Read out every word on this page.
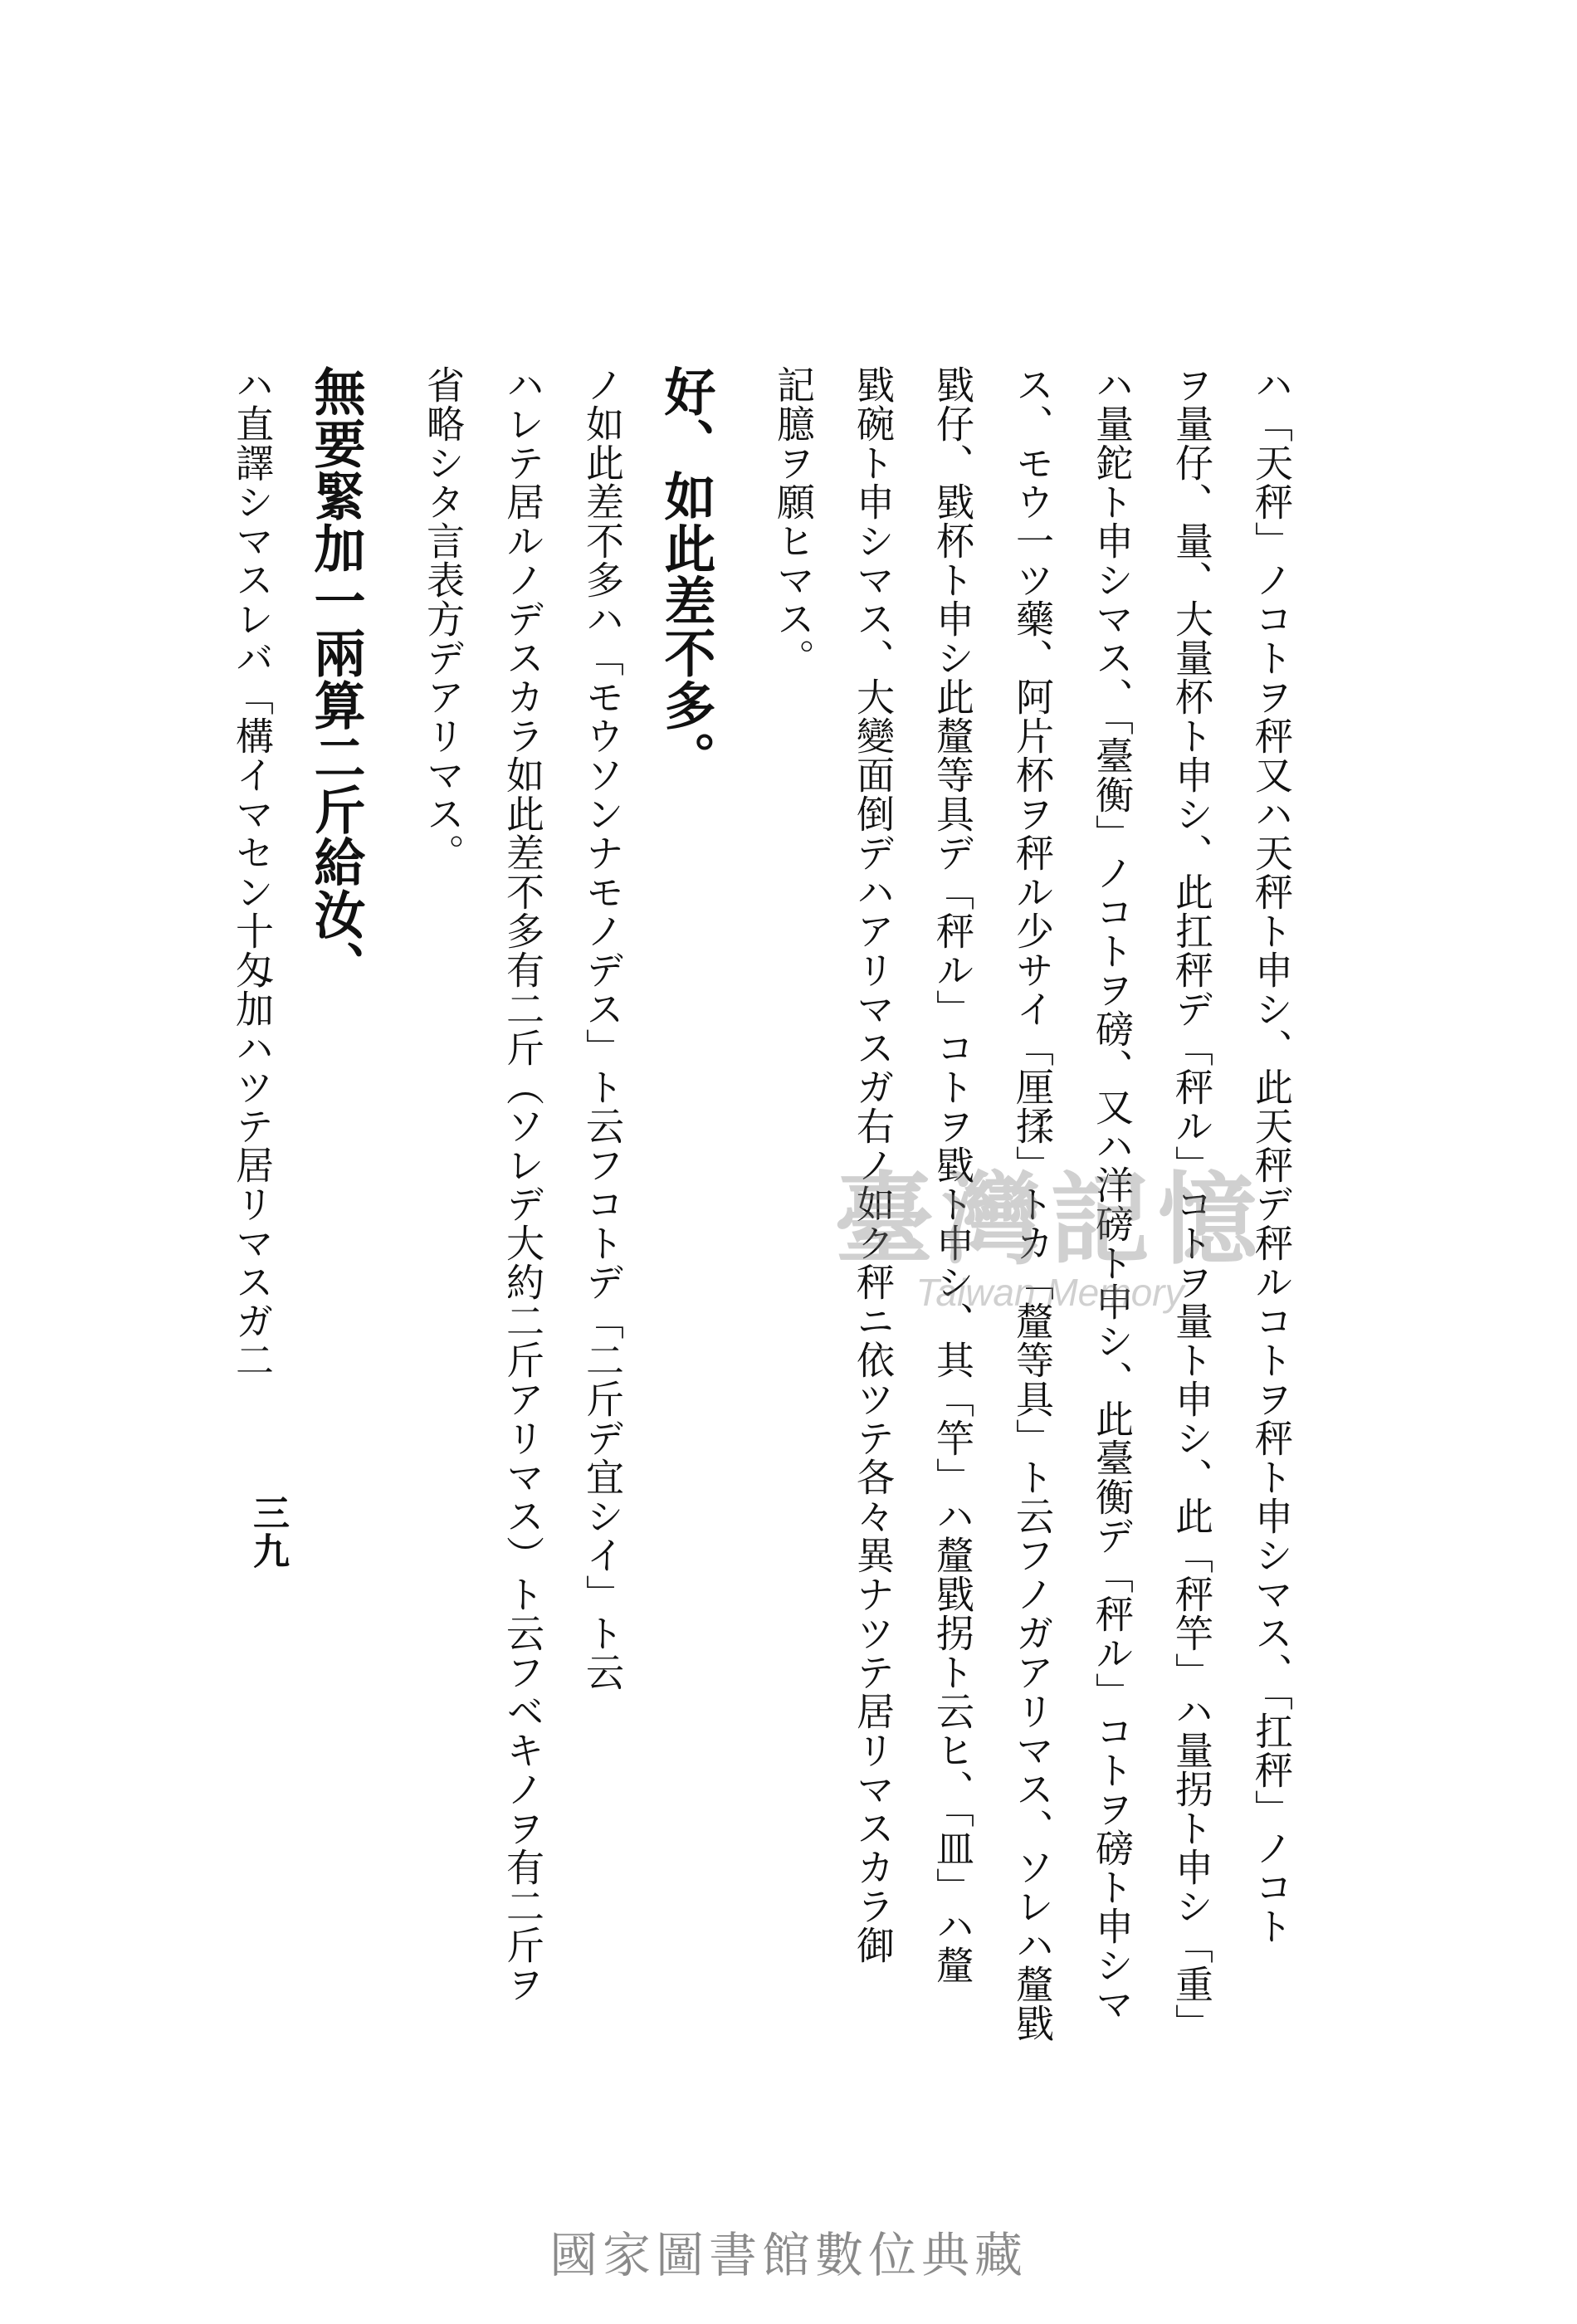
ハ「天秤」ノコトヲ秤又ハ天秤ト申シ、此天秤デ秤ルコトヲ秤ト申シマス、「扛秤」ノコト

ヲ量仔、量、大量杯ト申シ、此扛秤デ「秤ル」コトヲ量ト申シ、此「秤竿」ハ量拐ト申シ「重」

ハ量鉈ト申シマス、「臺衡」ノコトヲ磅、又ハ洋磅ト申シ、此臺衡デ「秤ル」コトヲ磅ト申シマ

ス、モウ一ツ藥、阿片杯ヲ秤ル少サイ「厘揉」トカ「釐等具」ト云フノガアリマス、ソレハ釐戥

戥仔、戥杯ト申シ此釐等具デ「秤ル」コトヲ戥ト申シ、其「竿」ハ釐戥拐ト云ヒ、「皿」ハ釐

戥碗ト申シマス、大變面倒デハアリマスガ右ノ如ク秤ニ依ツテ各々異ナツテ居リマスカラ御

記臆ヲ願ヒマス。

好、如此差不多。

ノ如此差不多ハ「モウソンナモノデス」ト云フコトデ「二斤デ宜シイ」ト云

ハレテ居ルノデスカラ如此差不多有二斤（ソレデ大約二斤アリマス）ト云フベキノヲ有二斤ヲ

省略シタ言表方デアリマス。

無要緊加一兩算二斤給汝、

ハ直譯シマスレバ「構イマセン十匁加ハツテ居リマスガ二

三九
臺灣記憶
Taiwan Memory
國家圖書館數位典藏
